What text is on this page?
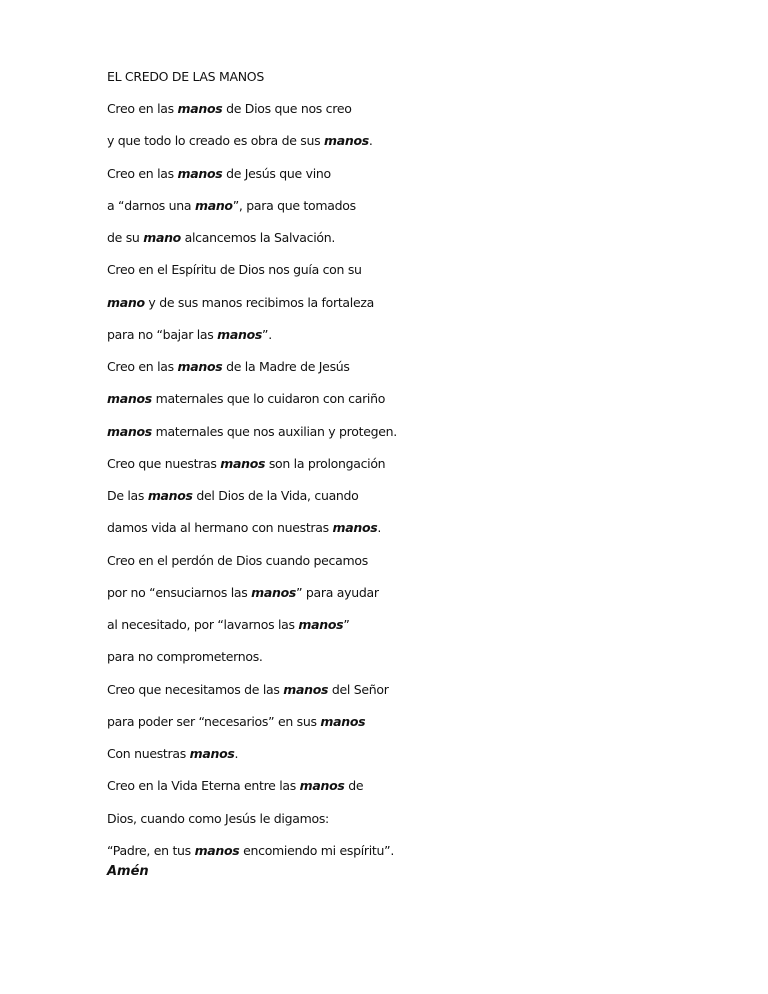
EL CREDO DE LAS MANOS
Creo en las manos de Dios que nos creo
y que todo lo creado es obra de sus manos.
Creo en las manos de Jesús que vino
a “darnos una mano”, para que tomados
de su mano alcancemos la Salvación.
Creo en el Espíritu de Dios nos guía con su
mano y de sus manos recibimos la fortaleza
para no “bajar las manos”.
Creo en las manos de la Madre de Jesús
manos maternales que lo cuidaron con cariño
manos maternales que nos auxilian y protegen.
Creo que nuestras manos son la prolongación
De las manos del Dios de la Vida, cuando
damos vida al hermano con nuestras manos.
Creo en el perdón de Dios cuando pecamos
por no “ensuciarnos las manos” para ayudar
al necesitado, por “lavarnos las manos”
para no comprometernos.
Creo que necesitamos de las manos del Señor
para poder ser “necesarios” en sus manos
Con nuestras manos.
Creo en la Vida Eterna entre las manos de
Dios, cuando como Jesús le digamos:
“Padre, en tus manos encomiendo mi espíritu”.
Amén
